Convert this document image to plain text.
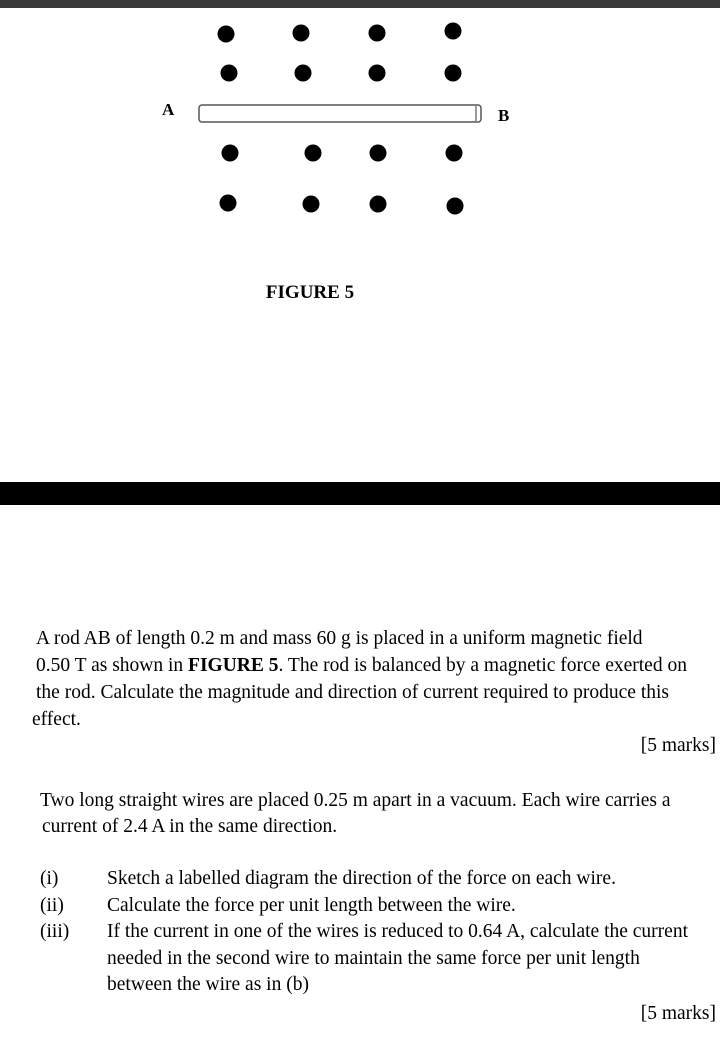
A	B
FIGURE 5
A rod AB of length 0.2 m and mass 60 g is placed in a uniform magnetic field
0.50 T as shown in FIGURE 5. The rod is balanced by a magnetic force exerted on
the rod. Calculate the magnitude and direction of current required to produce this
effect.
[5 marks]
Two long straight wires are placed 0.25 m apart in a vacuum. Each wire carries a
current of 2.4 A in the same direction.
(i)	Sketch a labelled diagram the direction of the force on each wire.
(ii)	Calculate the force per unit length between the wire.
(iii)	If the current in one of the wires is reduced to 0.64 A, calculate the current
needed in the second wire to maintain the same force per unit length
between the wire as in (b)
[5 marks]
